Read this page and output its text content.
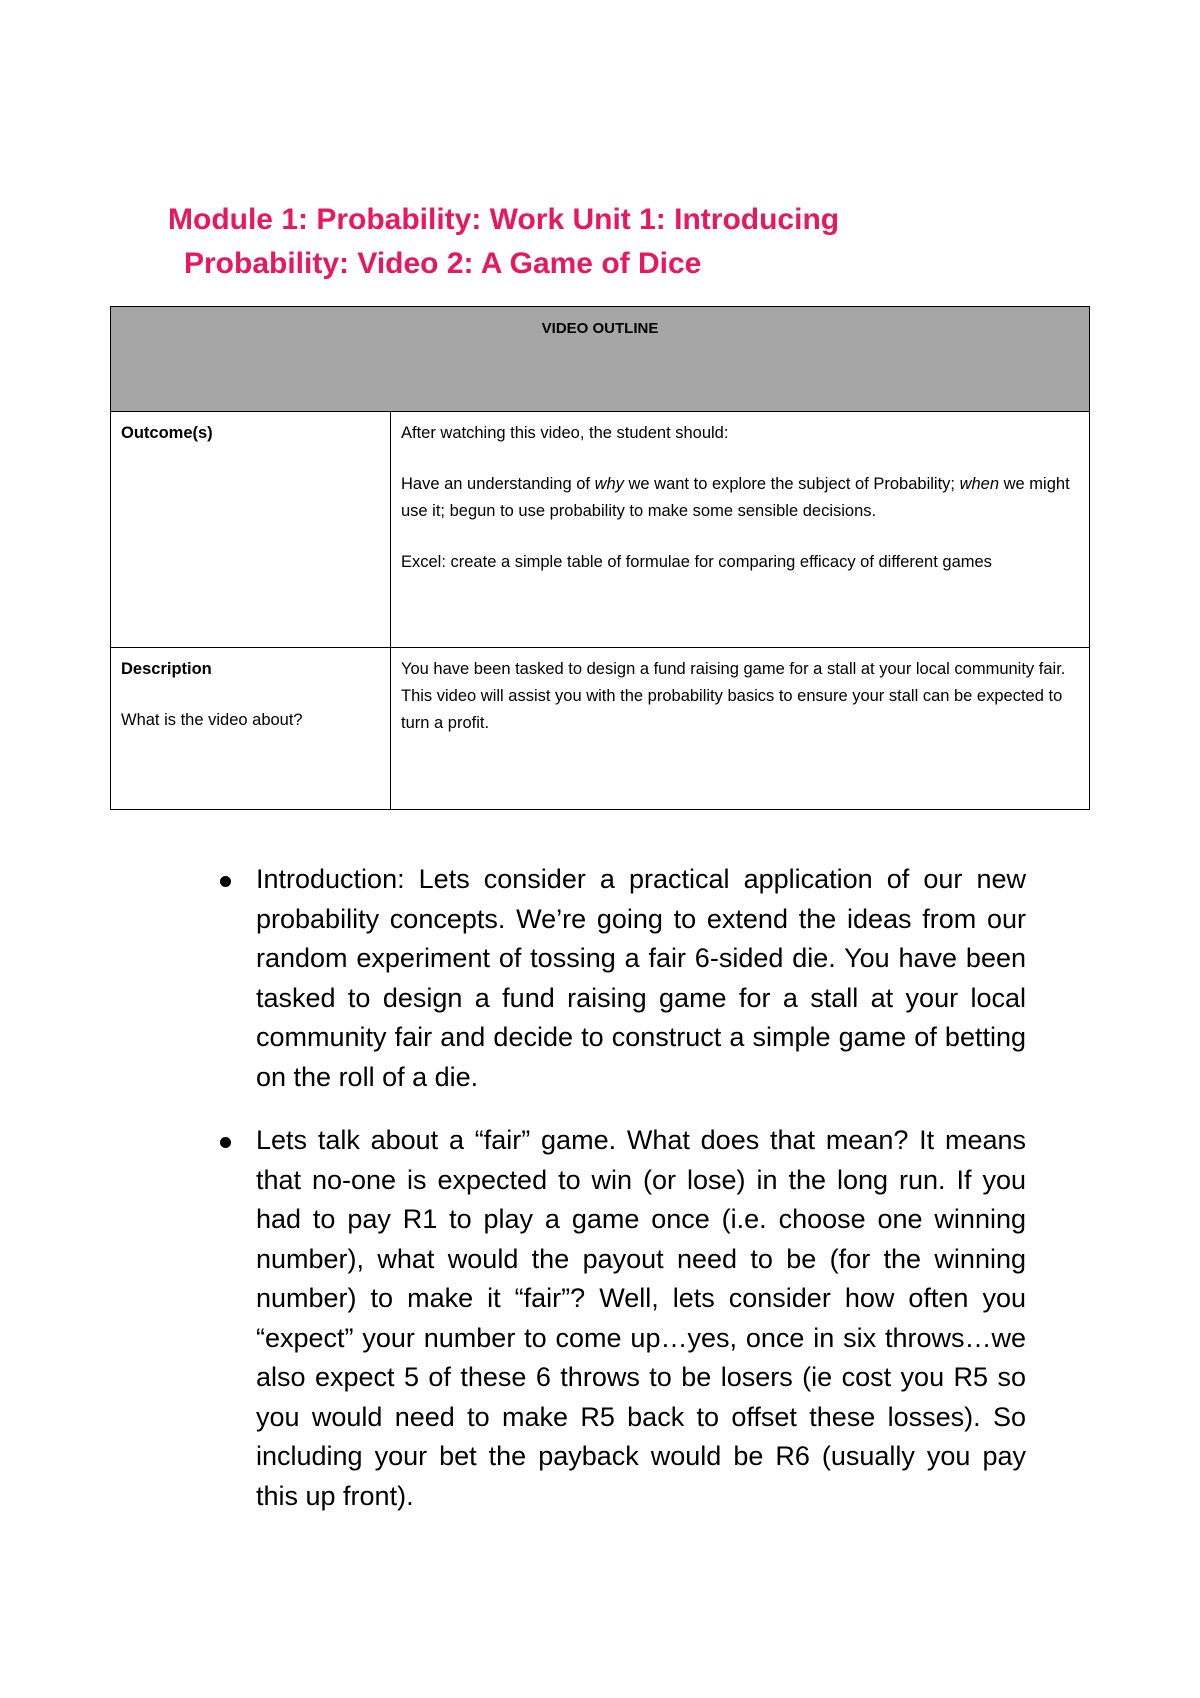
Module 1: Probability: Work Unit 1: Introducing
Probability: Video 2: A Game of Dice
VIDEO OUTLINE	
Outcome(s)	After watching this video, the student should:

Have an understanding of why we want to explore the subject of Probability; when we might use it; begun to use probability to make some sensible decisions.

Excel: create a simple table of formulae for comparing efficacy of different games

Description

What is the video about?	You have been tasked to design a fund raising game for a stall at your local community fair. This video will assist you with the probability basics to ensure your stall can be expected to turn a profit.

Introduction: Lets consider a practical application of our new probability concepts. We’re going to extend the ideas from our random experiment of tossing a fair 6-sided die. You have been tasked to design a fund raising game for a stall at your local community fair and decide to construct a simple game of betting on the roll of a die.
Lets talk about a “fair” game. What does that mean? It means that no-one is expected to win (or lose) in the long run. If you had to pay R1 to play a game once (i.e. choose one winning number), what would the payout need to be (for the winning number) to make it “fair”? Well, lets consider how often you “expect” your number to come up…yes, once in six throws…we also expect 5 of these 6 throws to be losers (ie cost you R5 so you would need to make R5 back to offset these losses). So including your bet the payback would be R6 (usually you pay this up front).
